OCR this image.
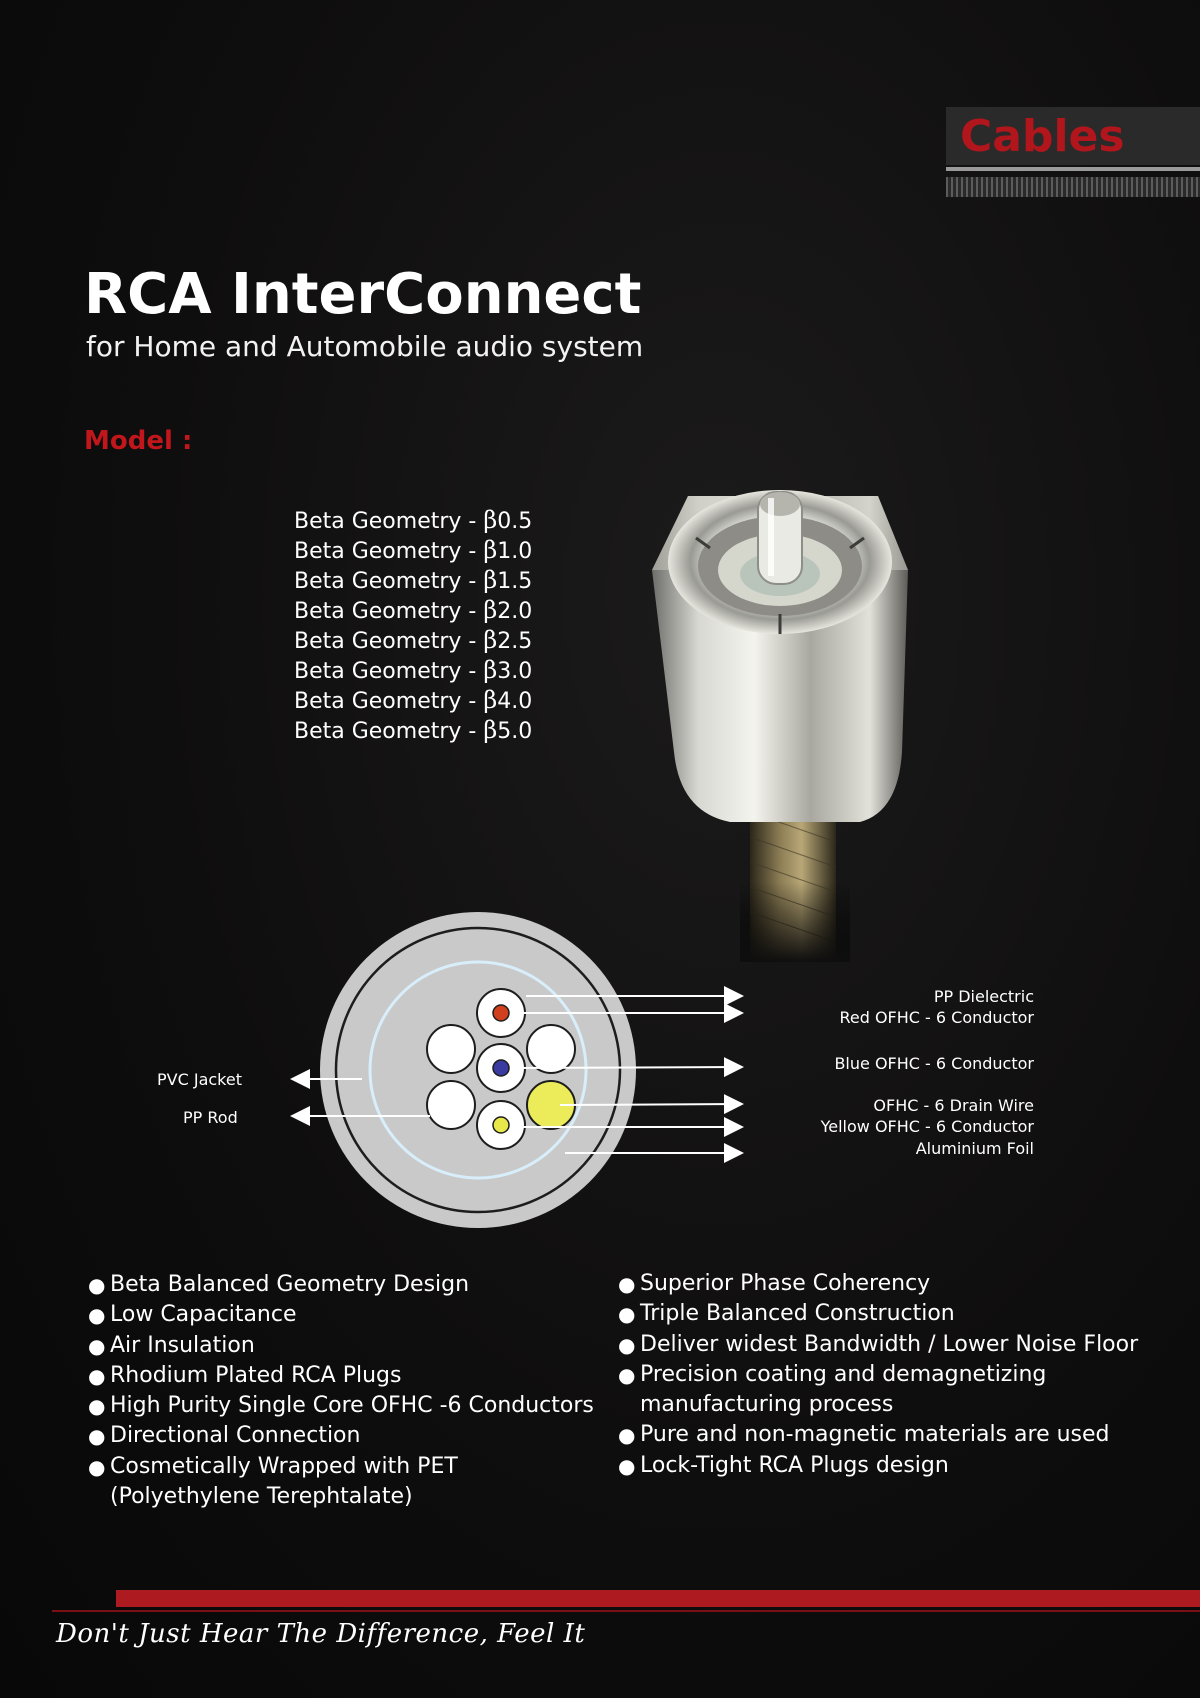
Cables
RCA InterConnect
for Home and Automobile audio system
Model :
Beta Geometry - β0.5
Beta Geometry - β1.0
Beta Geometry - β1.5
Beta Geometry - β2.0
Beta Geometry - β2.5
Beta Geometry - β3.0
Beta Geometry - β4.0
Beta Geometry - β5.0
PVC Jacket
PP Rod
PP Dielectric
Red OFHC - 6 Conductor
Blue OFHC - 6 Conductor
OFHC - 6 Drain Wire
Yellow OFHC - 6 Conductor
Aluminium Foil
● Beta Balanced Geometry Design
● Low Capacitance
● Air Insulation
● Rhodium Plated RCA Plugs
● High Purity Single Core OFHC -6 Conductors
● Directional Connection
● Cosmetically Wrapped with PET
(Polyethylene Terephtalate)
● Superior Phase Coherency
● Triple Balanced Construction
● Deliver widest Bandwidth / Lower Noise Floor
● Precision coating and demagnetizing
manufacturing process
● Pure and non-magnetic materials are used
● Lock-Tight RCA Plugs design
Don't Just Hear The Difference, Feel It
